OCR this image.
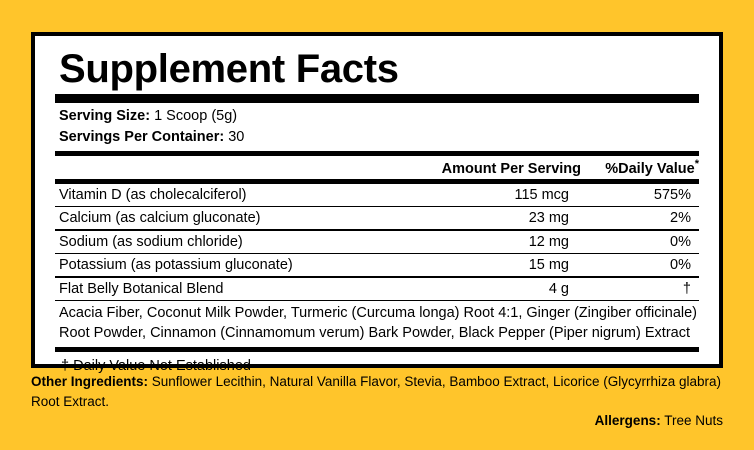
Supplement Facts
Serving Size: 1 Scoop (5g)
Servings Per Container: 30
Amount Per Serving	%Daily Value*
Vitamin D (as cholecalciferol)	115 mcg	575%
Calcium (as calcium gluconate)	23 mg	2%
Sodium (as sodium chloride)	12 mg	0%
Potassium (as potassium gluconate)	15 mg	0%
Flat Belly Botanical Blend	4 g	†
Acacia Fiber, Coconut Milk Powder, Turmeric (Curcuma longa) Root 4:1, Ginger (Zingiber officinale) Root Powder, Cinnamon (Cinnamomum verum) Bark Powder, Black Pepper (Piper nigrum) Extract
† Daily Value Not Established
Other Ingredients: Sunflower Lecithin, Natural Vanilla Flavor, Stevia, Bamboo Extract, Licorice (Glycyrrhiza glabra) Root Extract.
Allergens: Tree Nuts
